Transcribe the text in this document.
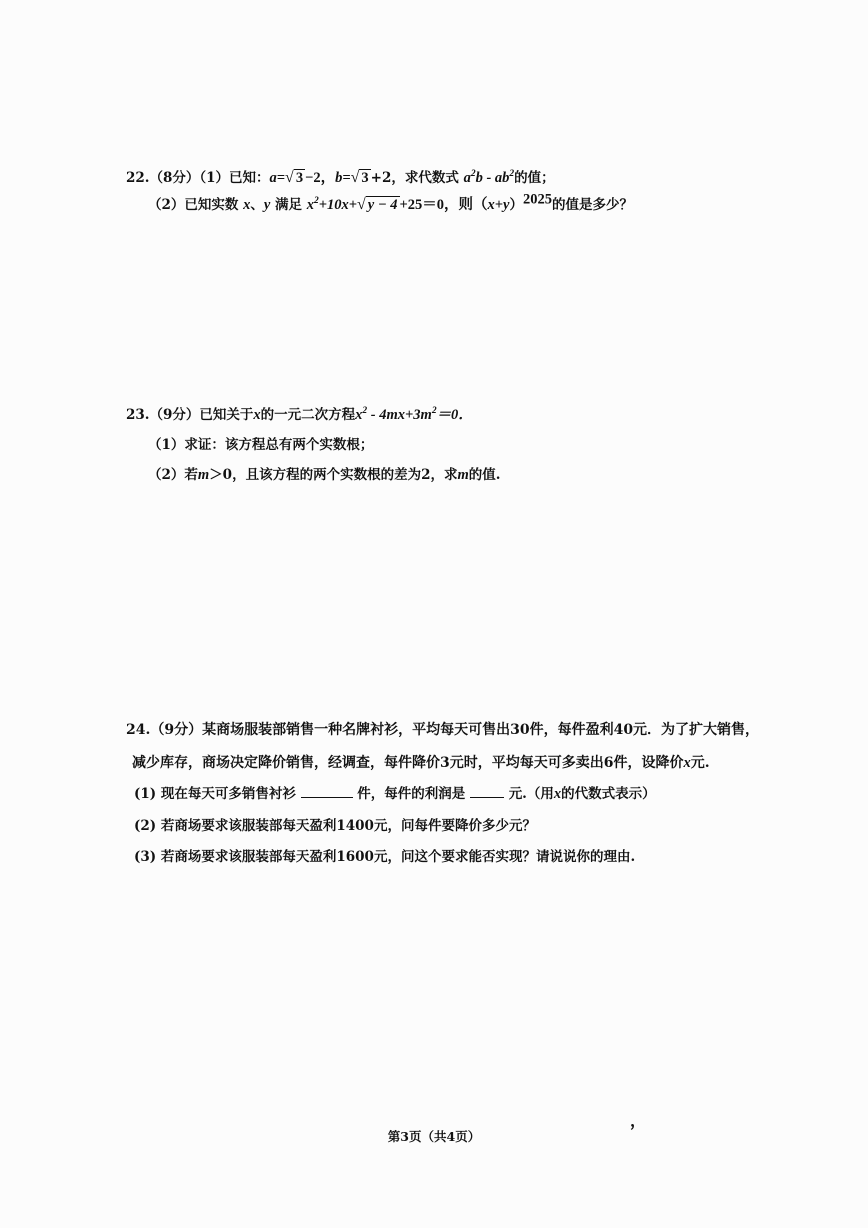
22.（8分）（1）已知：a=√ 3 −2，b=√ 3 +2，求代数式 $a^2b - ab^2$的值；
（2）已知实数 x、y 满足 $x^2+10x+√$ y − 4 +25＝0，则$(x+y)^{2025}$的值是多少？
23.（9分）已知关于x的一元二次方程$x^2 - 4mx+3m^2=0$．
（1）求证：该方程总有两个实数根；
（2）若m＞0，且该方程的两个实数根的差为2，求m的值.
24.（9分）某商场服装部销售一种名牌衬衫，平均每天可售出30件，每件盈利40元．为了扩大销售，
减少库存，商场决定降价销售，经调查，每件降价3元时，平均每天可多卖出6件，设降价x元.
(1) 现在每天可多销售衬衫	件，每件的利润是	元.（用x的代数式表示）
(2) 若商场要求该服装部每天盈利1400元，问每件要降价多少元？
(3) 若商场要求该服装部每天盈利1600元，问这个要求能否实现？请说说你的理由.
，
第3页（共4页）
